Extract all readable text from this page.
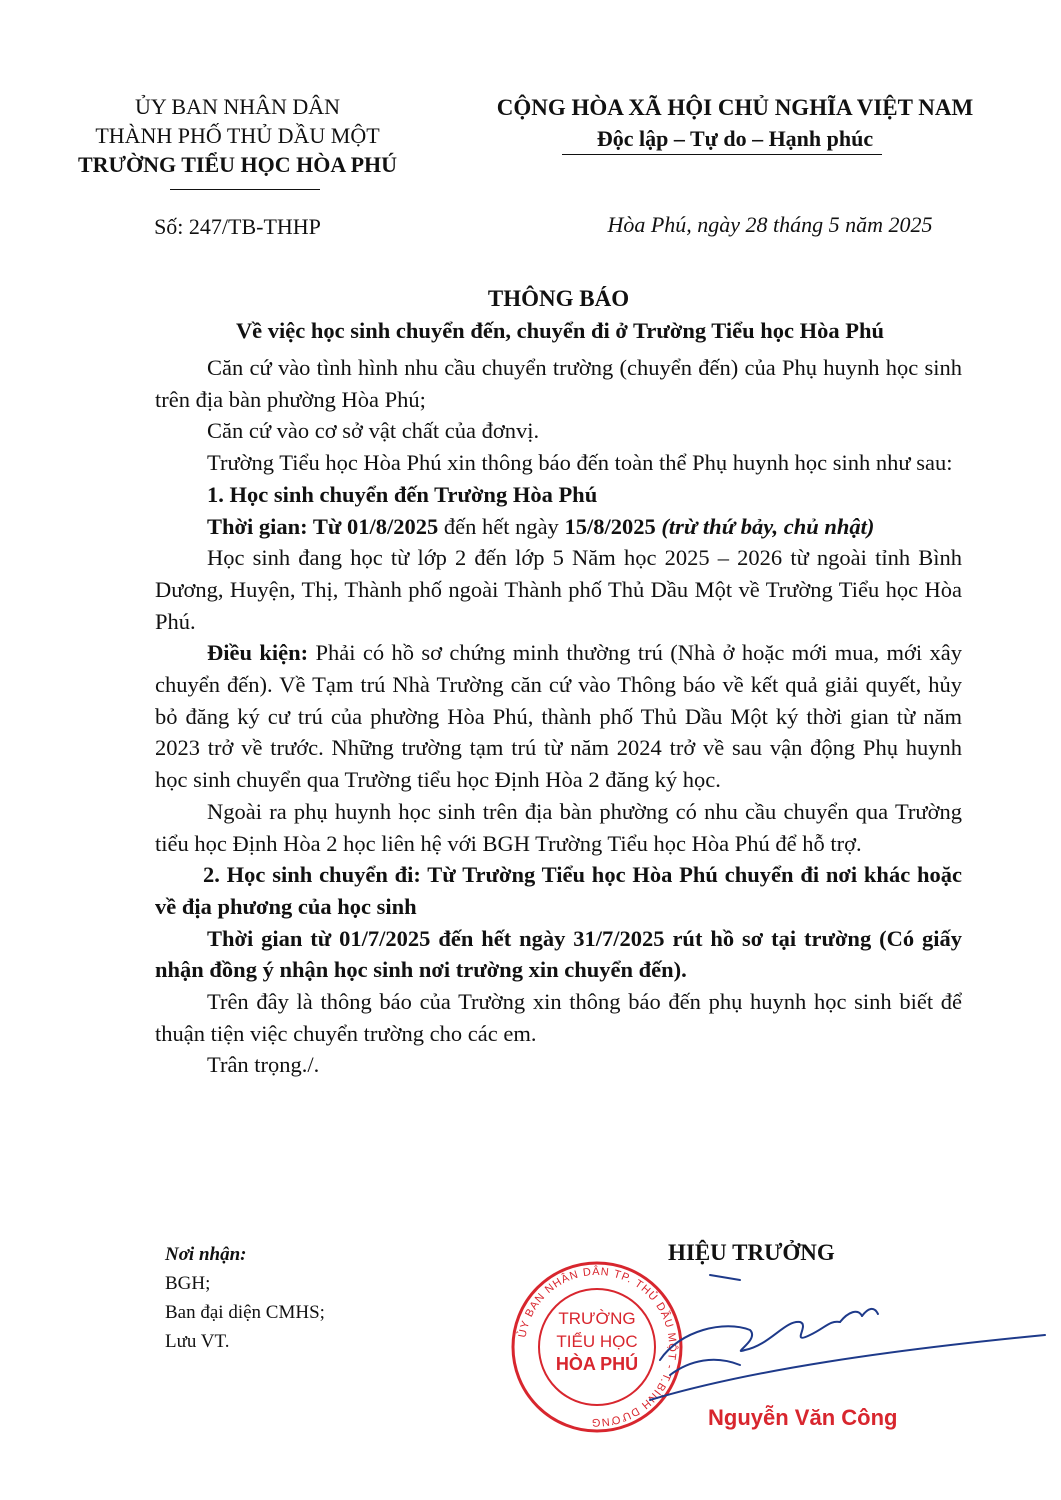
ỦY BAN NHÂN DÂN
THÀNH PHỐ THỦ DẦU MỘT
TRƯỜNG TIỂU HỌC HÒA PHÚ
Số: 247/TB-THHP
CỘNG HÒA XÃ HỘI CHỦ NGHĨA VIỆT NAM
Độc lập – Tự do – Hạnh phúc
Hòa Phú, ngày 28 tháng 5 năm 2025
THÔNG BÁO
Về việc học sinh chuyển đến, chuyển đi ở Trường Tiểu học Hòa Phú

Căn cứ vào tình hình nhu cầu chuyển trường (chuyển đến) của Phụ huynh học sinh trên địa bàn phường Hòa Phú;

Căn cứ vào cơ sở vật chất của đơnvị.

Trường Tiểu học Hòa Phú xin thông báo đến toàn thể Phụ huynh học sinh như sau:

1. Học sinh chuyển đến Trường Hòa Phú

Thời gian: Từ 01/8/2025 đến hết ngày 15/8/2025 (trừ thứ bảy, chủ nhật)

Học sinh đang học từ lớp 2 đến lớp 5 Năm học 2025 – 2026 từ ngoài tỉnh Bình Dương, Huyện, Thị, Thành phố ngoài Thành phố Thủ Dầu Một về Trường Tiểu học Hòa Phú.

Điều kiện: Phải có hồ sơ chứng minh thường trú (Nhà ở hoặc mới mua, mới xây chuyển đến). Về Tạm trú Nhà Trường căn cứ vào Thông báo về kết quả giải quyết, hủy bỏ đăng ký cư trú của phường Hòa Phú, thành phố Thủ Dầu Một ký thời gian từ năm 2023 trở về trước. Những trường tạm trú từ năm 2024 trở về sau vận động Phụ huynh học sinh chuyển qua Trường tiểu học Định Hòa 2 đăng ký học.

Ngoài ra phụ huynh học sinh trên địa bàn phường có nhu cầu chuyển qua Trường tiểu học Định Hòa 2 học liên hệ với BGH Trường Tiểu học Hòa Phú để hỗ trợ.

2. Học sinh chuyển đi: Từ Trường Tiểu học Hòa Phú chuyển đi nơi khác hoặc về địa phương của học sinh

Thời gian từ 01/7/2025 đến hết ngày 31/7/2025 rút hồ sơ tại trường (Có giấy nhận đồng ý nhận học sinh nơi trường xin chuyển đến).

Trên đây là thông báo của Trường xin thông báo đến phụ huynh học sinh biết để thuận tiện việc chuyển trường cho các em.

Trân trọng./.

Nơi nhận:
BGH;
Ban đại diện CMHS;
Lưu VT.
HIỆU TRƯỞNG
ỦY BAN NHÂN DÂN TP. THỦ DẦU MỘT - T.BÌNH DƯƠNG
TRƯỜNG
TIỂU HỌC
HÒA PHÚ
Nguyễn Văn Công
